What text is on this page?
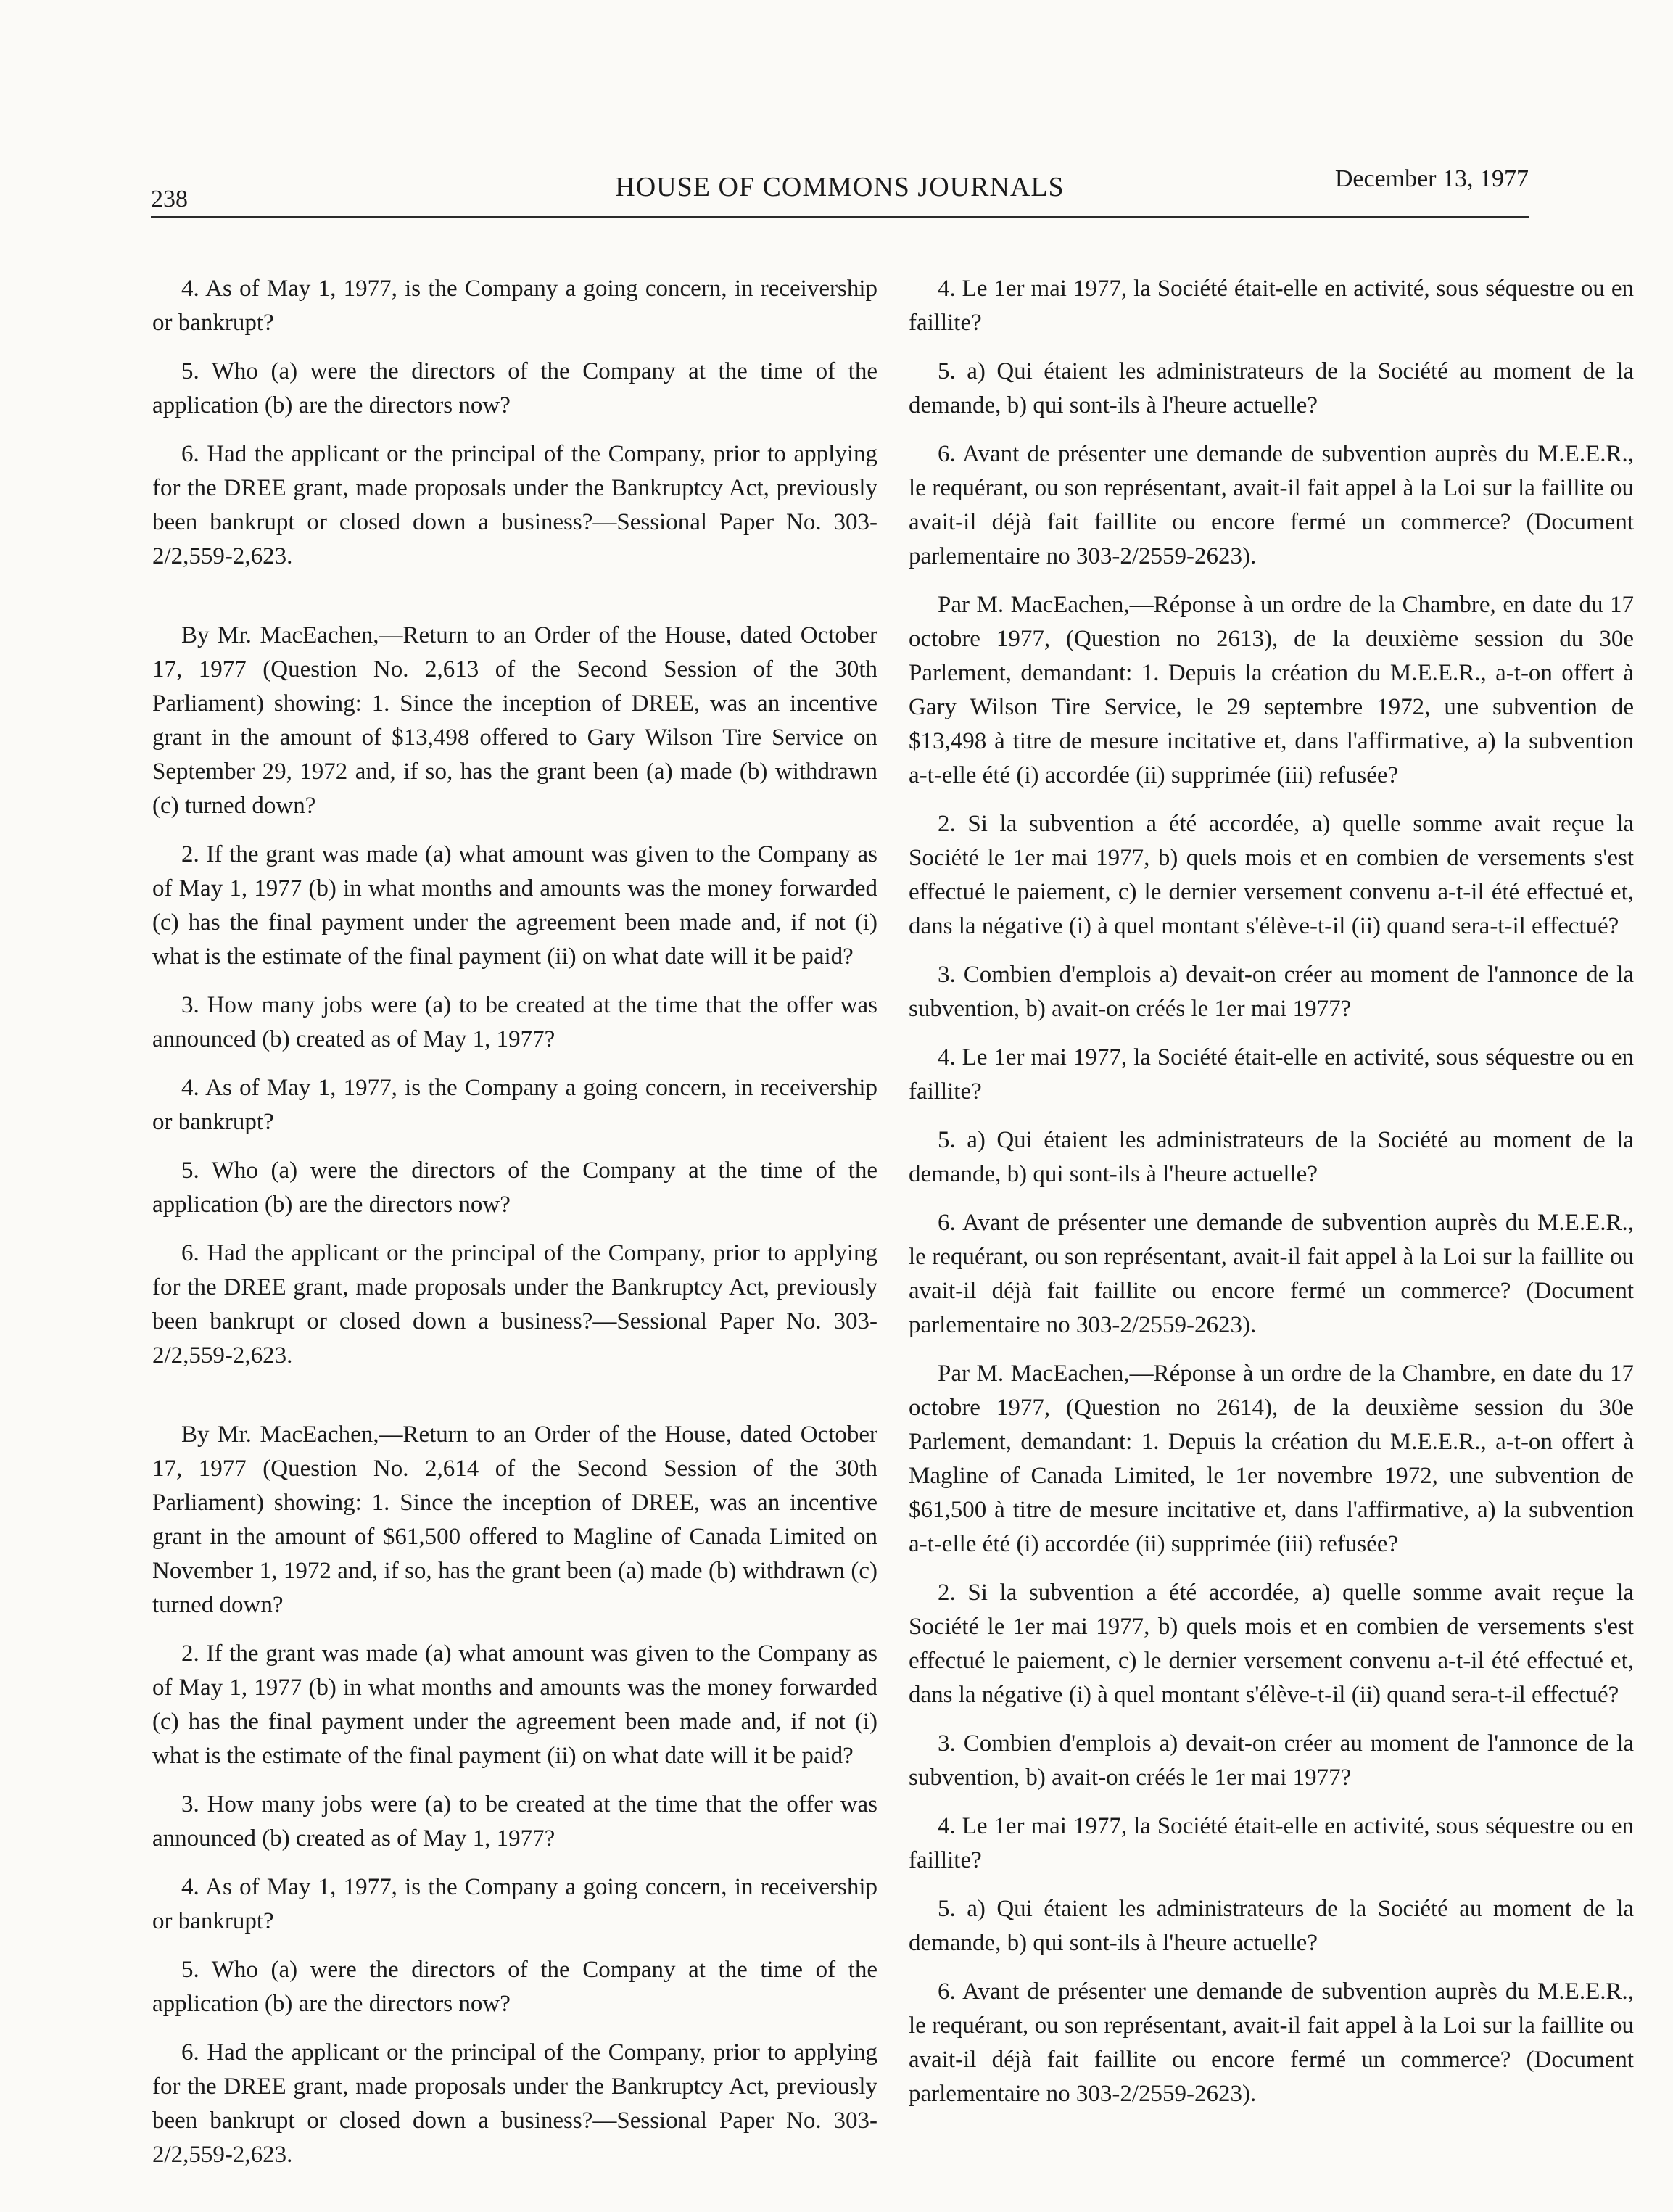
238	HOUSE OF COMMONS JOURNALS	December 13, 1977

4. As of May 1, 1977, is the Company a going concern, in receivership or bankrupt?

5. Who (a) were the directors of the Company at the time of the application (b) are the directors now?

6. Had the applicant or the principal of the Company, prior to applying for the DREE grant, made proposals under the Bankruptcy Act, previously been bankrupt or closed down a business?—Sessional Paper No. 303-2/2,559-2,623.

By Mr. MacEachen,—Return to an Order of the House, dated October 17, 1977 (Question No. 2,613 of the Second Session of the 30th Parliament) showing: 1. Since the inception of DREE, was an incentive grant in the amount of $13,498 offered to Gary Wilson Tire Service on September 29, 1972 and, if so, has the grant been (a) made (b) withdrawn (c) turned down?

2. If the grant was made (a) what amount was given to the Company as of May 1, 1977 (b) in what months and amounts was the money forwarded (c) has the final payment under the agreement been made and, if not (i) what is the estimate of the final payment (ii) on what date will it be paid?

3. How many jobs were (a) to be created at the time that the offer was announced (b) created as of May 1, 1977?

4. As of May 1, 1977, is the Company a going concern, in receivership or bankrupt?

5. Who (a) were the directors of the Company at the time of the application (b) are the directors now?

6. Had the applicant or the principal of the Company, prior to applying for the DREE grant, made proposals under the Bankruptcy Act, previously been bankrupt or closed down a business?—Sessional Paper No. 303-2/2,559-2,623.

By Mr. MacEachen,—Return to an Order of the House, dated October 17, 1977 (Question No. 2,614 of the Second Session of the 30th Parliament) showing: 1. Since the inception of DREE, was an incentive grant in the amount of $61,500 offered to Magline of Canada Limited on November 1, 1972 and, if so, has the grant been (a) made (b) withdrawn (c) turned down?

2. If the grant was made (a) what amount was given to the Company as of May 1, 1977 (b) in what months and amounts was the money forwarded (c) has the final payment under the agreement been made and, if not (i) what is the estimate of the final payment (ii) on what date will it be paid?

3. How many jobs were (a) to be created at the time that the offer was announced (b) created as of May 1, 1977?

4. As of May 1, 1977, is the Company a going concern, in receivership or bankrupt?

5. Who (a) were the directors of the Company at the time of the application (b) are the directors now?

6. Had the applicant or the principal of the Company, prior to applying for the DREE grant, made proposals under the Bankruptcy Act, previously been bankrupt or closed down a business?—Sessional Paper No. 303-2/2,559-2,623.

4. Le 1er mai 1977, la Société était-elle en activité, sous séquestre ou en faillite?

5. a) Qui étaient les administrateurs de la Société au moment de la demande, b) qui sont-ils à l'heure actuelle?

6. Avant de présenter une demande de subvention auprès du M.E.E.R., le requérant, ou son représentant, avait-il fait appel à la Loi sur la faillite ou avait-il déjà fait faillite ou encore fermé un commerce? (Document parlementaire no 303-2/2559-2623).

Par M. MacEachen,—Réponse à un ordre de la Chambre, en date du 17 octobre 1977, (Question no 2613), de la deuxième session du 30e Parlement, demandant: 1. Depuis la création du M.E.E.R., a-t-on offert à Gary Wilson Tire Service, le 29 septembre 1972, une subvention de $13,498 à titre de mesure incitative et, dans l'affirmative, a) la subvention a-t-elle été (i) accordée (ii) supprimée (iii) refusée?

2. Si la subvention a été accordée, a) quelle somme avait reçue la Société le 1er mai 1977, b) quels mois et en combien de versements s'est effectué le paiement, c) le dernier versement convenu a-t-il été effectué et, dans la négative (i) à quel montant s'élève-t-il (ii) quand sera-t-il effectué?

3. Combien d'emplois a) devait-on créer au moment de l'annonce de la subvention, b) avait-on créés le 1er mai 1977?

4. Le 1er mai 1977, la Société était-elle en activité, sous séquestre ou en faillite?

5. a) Qui étaient les administrateurs de la Société au moment de la demande, b) qui sont-ils à l'heure actuelle?

6. Avant de présenter une demande de subvention auprès du M.E.E.R., le requérant, ou son représentant, avait-il fait appel à la Loi sur la faillite ou avait-il déjà fait faillite ou encore fermé un commerce? (Document parlementaire no 303-2/2559-2623).

Par M. MacEachen,—Réponse à un ordre de la Chambre, en date du 17 octobre 1977, (Question no 2614), de la deuxième session du 30e Parlement, demandant: 1. Depuis la création du M.E.E.R., a-t-on offert à Magline of Canada Limited, le 1er novembre 1972, une subvention de $61,500 à titre de mesure incitative et, dans l'affirmative, a) la subvention a-t-elle été (i) accordée (ii) supprimée (iii) refusée?

2. Si la subvention a été accordée, a) quelle somme avait reçue la Société le 1er mai 1977, b) quels mois et en combien de versements s'est effectué le paiement, c) le dernier versement convenu a-t-il été effectué et, dans la négative (i) à quel montant s'élève-t-il (ii) quand sera-t-il effectué?

3. Combien d'emplois a) devait-on créer au moment de l'annonce de la subvention, b) avait-on créés le 1er mai 1977?

4. Le 1er mai 1977, la Société était-elle en activité, sous séquestre ou en faillite?

5. a) Qui étaient les administrateurs de la Société au moment de la demande, b) qui sont-ils à l'heure actuelle?

6. Avant de présenter une demande de subvention auprès du M.E.E.R., le requérant, ou son représentant, avait-il fait appel à la Loi sur la faillite ou avait-il déjà fait faillite ou encore fermé un commerce? (Document parlementaire no 303-2/2559-2623).
